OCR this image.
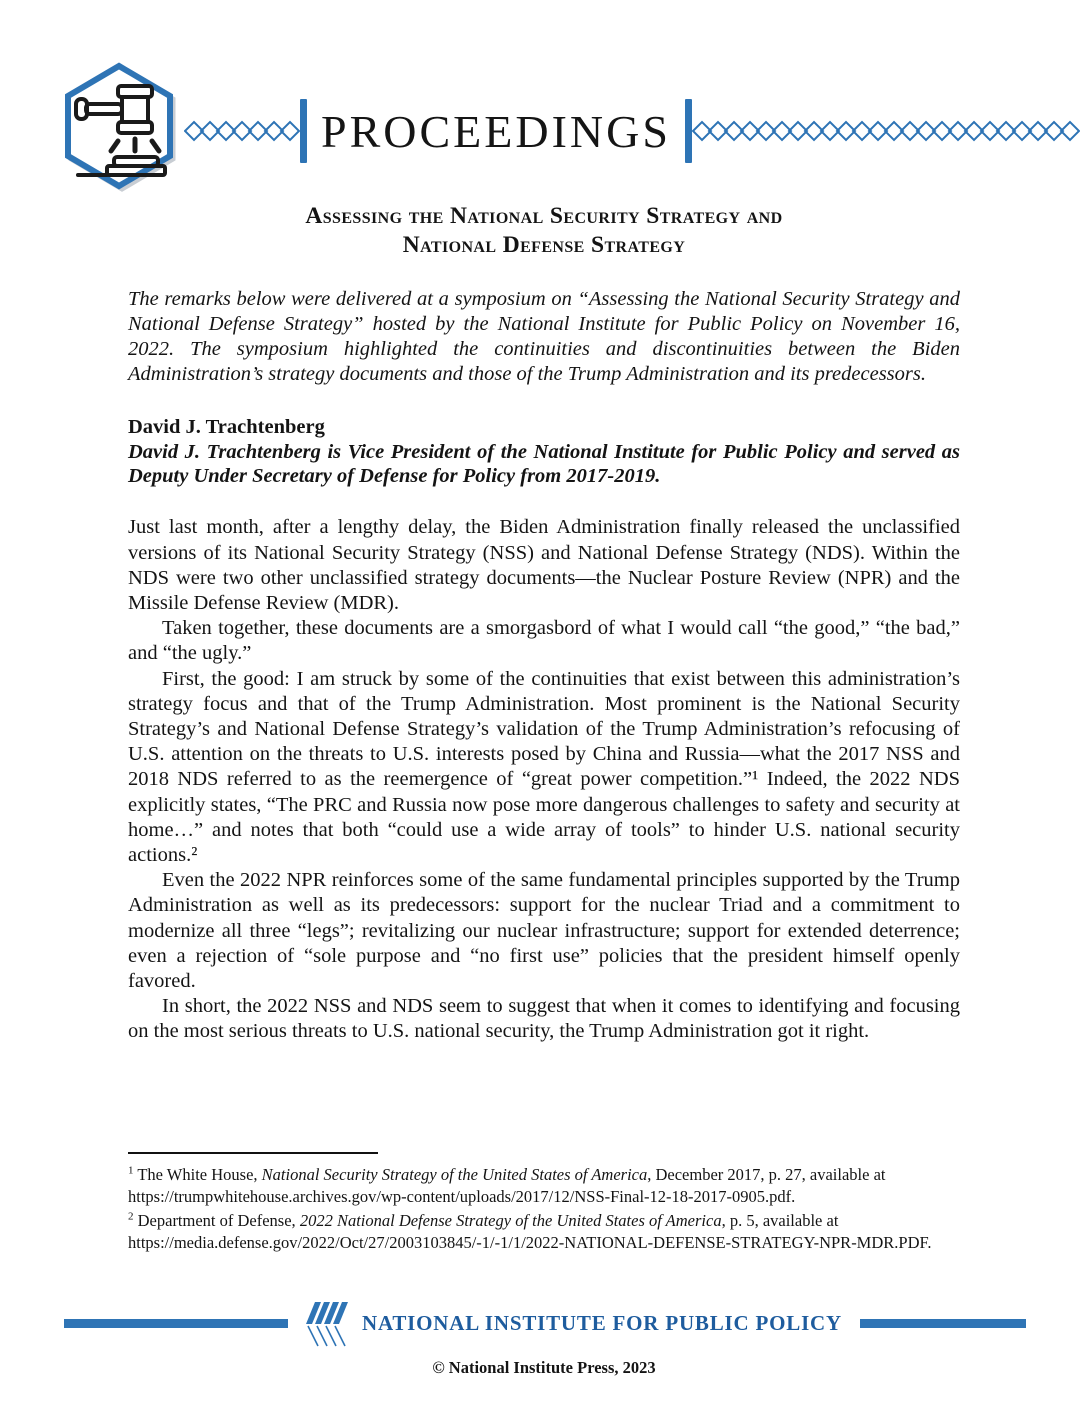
PROCEEDINGS
Assessing the National Security Strategy and
National Defense Strategy

The remarks below were delivered at a symposium on “Assessing the National Security Strategy and National Defense Strategy” hosted by the National Institute for Public Policy on November 16, 2022. The symposium highlighted the continuities and discontinuities between the Biden Administration’s strategy documents and those of the Trump Administration and its predecessors.

David J. Trachtenberg

David J. Trachtenberg is Vice President of the National Institute for Public Policy and served as Deputy Under Secretary of Defense for Policy from 2017-2019.

Just last month, after a lengthy delay, the Biden Administration finally released the unclassified versions of its National Security Strategy (NSS) and National Defense Strategy (NDS). Within the NDS were two other unclassified strategy documents—the Nuclear Posture Review (NPR) and the Missile Defense Review (MDR).

Taken together, these documents are a smorgasbord of what I would call “the good,” “the bad,” and “the ugly.”

First, the good: I am struck by some of the continuities that exist between this administration’s strategy focus and that of the Trump Administration. Most prominent is the National Security Strategy’s and National Defense Strategy’s validation of the Trump Administration’s refocusing of U.S. attention on the threats to U.S. interests posed by China and Russia—what the 2017 NSS and 2018 NDS referred to as the reemergence of “great power competition.”¹ Indeed, the 2022 NDS explicitly states, “The PRC and Russia now pose more dangerous challenges to safety and security at home…” and notes that both “could use a wide array of tools” to hinder U.S. national security actions.²

Even the 2022 NPR reinforces some of the same fundamental principles supported by the Trump Administration as well as its predecessors: support for the nuclear Triad and a commitment to modernize all three “legs”; revitalizing our nuclear infrastructure; support for extended deterrence; even a rejection of “sole purpose and “no first use” policies that the president himself openly favored.

In short, the 2022 NSS and NDS seem to suggest that when it comes to identifying and focusing on the most serious threats to U.S. national security, the Trump Administration got it right.

$^1$ The White House, National Security Strategy of the United States of America, December 2017, p. 27, available at https://trumpwhitehouse.archives.gov/wp-content/uploads/2017/12/NSS-Final-12-18-2017-0905.pdf.

$^2$ Department of Defense, 2022 National Defense Strategy of the United States of America, p. 5, available at https://media.defense.gov/2022/Oct/27/2003103845/-1/-1/1/2022-NATIONAL-DEFENSE-STRATEGY-NPR-MDR.PDF.

NATIONAL INSTITUTE FOR PUBLIC POLICY
© National Institute Press, 2023
